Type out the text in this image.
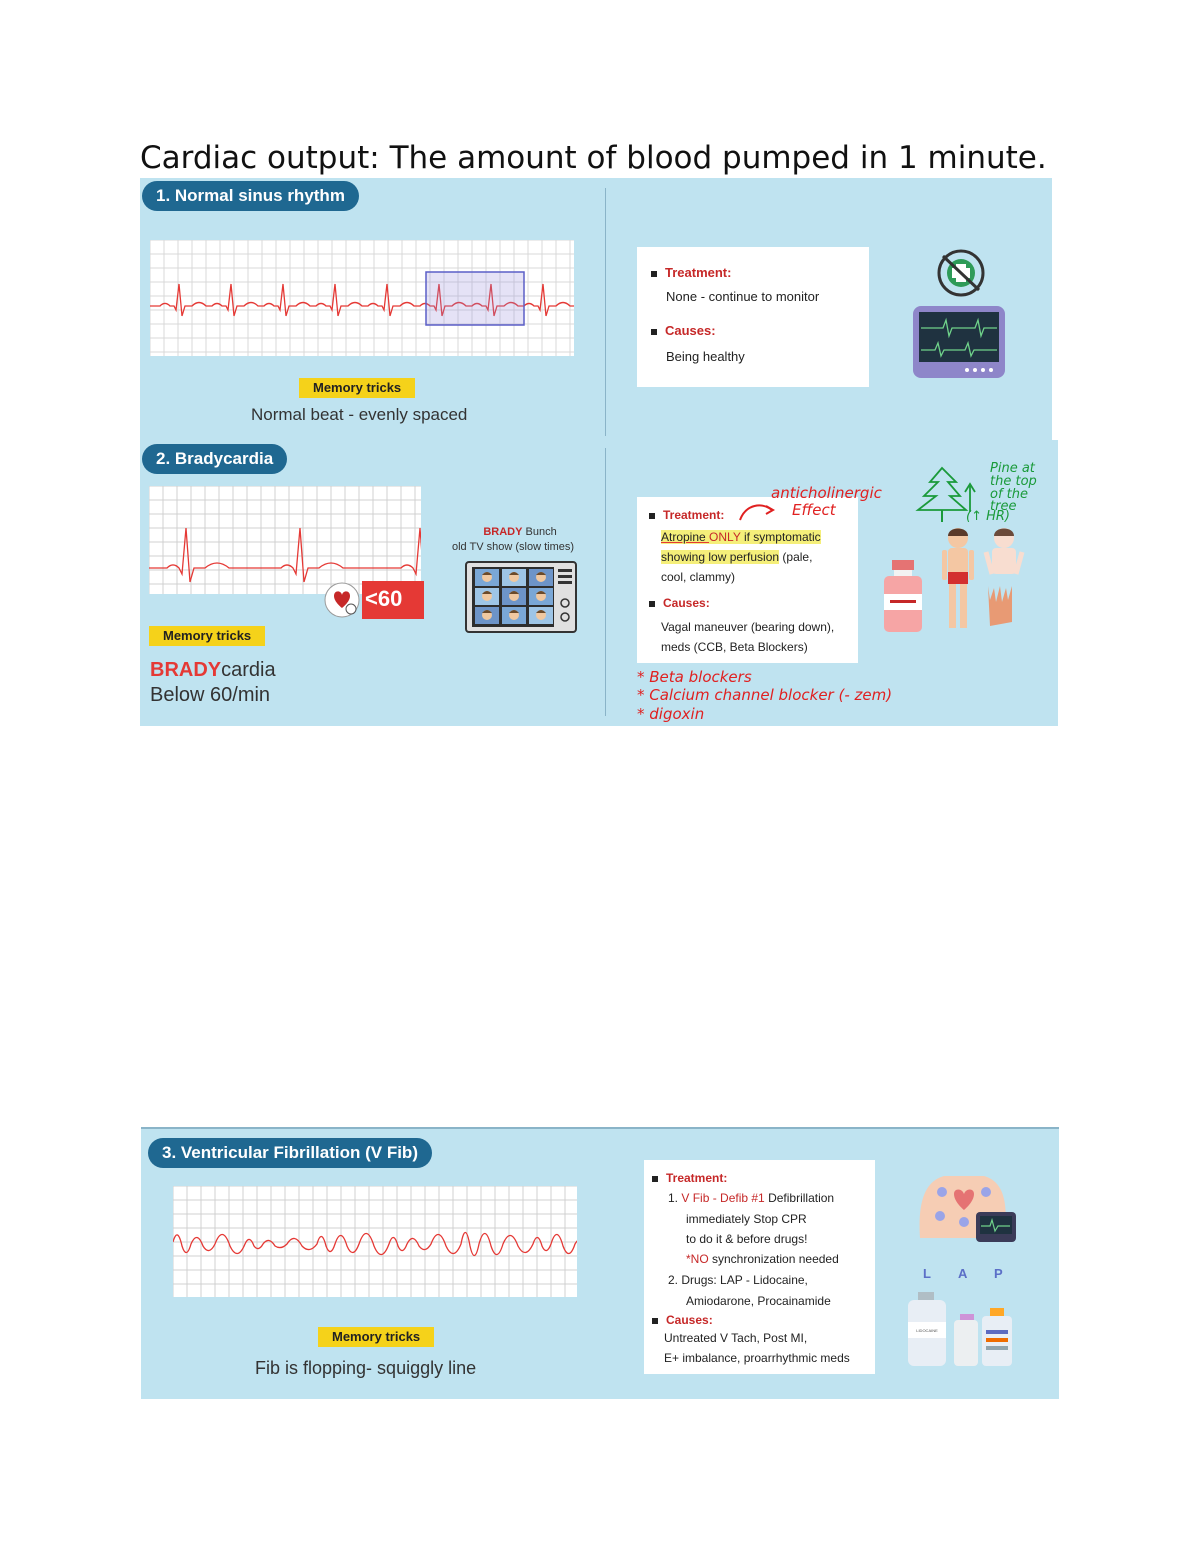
Cardiac output: The amount of blood pumped in 1 minute.
1. Normal sinus rhythm
Memory tricks
Normal beat - evenly spaced
Treatment:
None - continue to monitor
Causes:
Being healthy
2. Bradycardia
<60
BRADY Bunch
old TV show (slow times)
Memory tricks
BRADYcardia
Below 60/min
Treatment:
Atropine ONLY if symptomatic
showing low perfusion (pale,
cool, clammy)
Causes:
Vagal maneuver (bearing down),
meds (CCB, Beta Blockers)
anticholinergic
Effect
Pine at
the top
of the
tree
(↑ HR)
* Beta blockers
* Calcium channel blocker (- zem)
* digoxin
3. Ventricular Fibrillation (V Fib)
Memory tricks
Fib is flopping- squiggly line
Treatment:
1. V Fib - Defib #1 Defibrillation
immediately Stop CPR
to do it & before drugs!
*NO synchronization needed
2. Drugs: LAP - Lidocaine,
Amiodarone, Procainamide
Causes:
Untreated V Tach, Post MI,
E+ imbalance, proarrhythmic meds
L A P
LIDOCAINE
